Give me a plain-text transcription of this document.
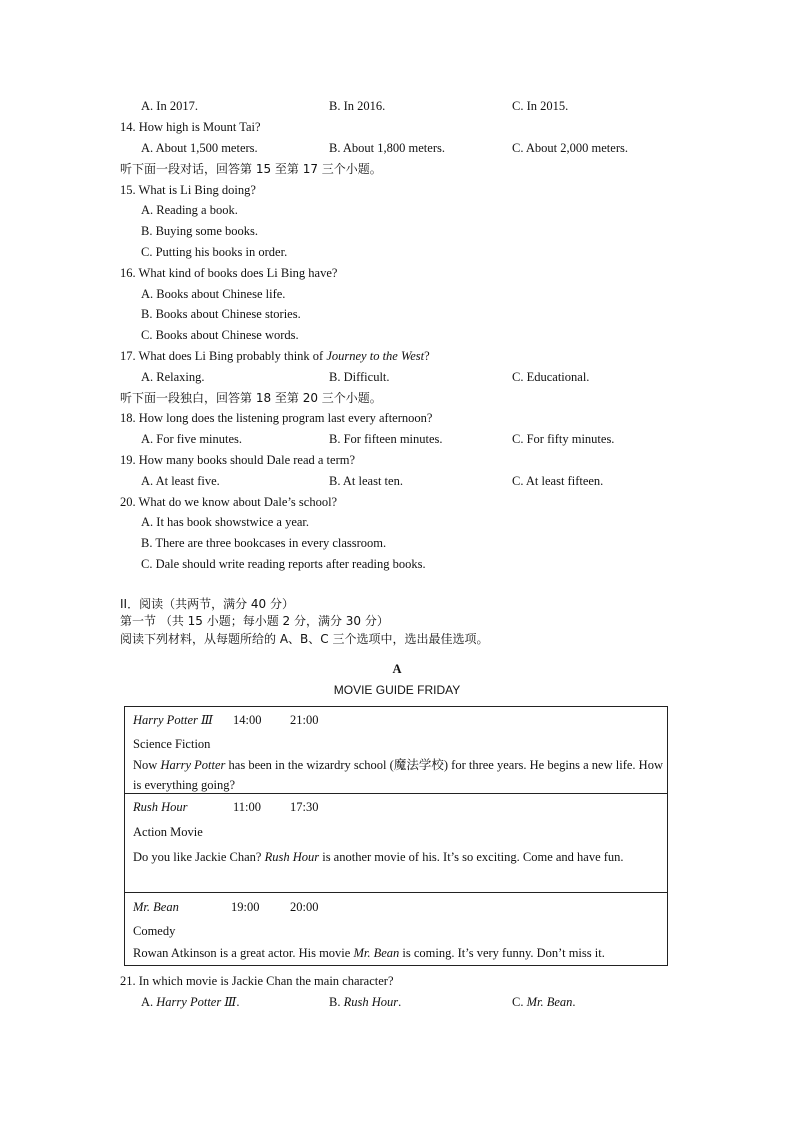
A. In 2017.	B. In 2016.	C. In 2015.
14. How high is Mount Tai?
A. About 1,500 meters.	B. About 1,800 meters.	C. About 2,000 meters.
听下面一段对话，回答第 15 至第 17 三个小题。
15. What is Li Bing doing?
A. Reading a book.
B. Buying some books.
C. Putting his books in order.
16. What kind of books does Li Bing have?
A. Books about Chinese life.
B. Books about Chinese stories.
C. Books about Chinese words.
17. What does Li Bing probably think of Journey to the West?
A. Relaxing.	B. Difficult.	C. Educational.
听下面一段独白，回答第 18 至第 20 三个小题。
18. How long does the listening program last every afternoon?
A. For five minutes.	B. For fifteen minutes.	C. For fifty minutes.
19. How many books should Dale read a term?
A. At least five.	B. At least ten.	C. At least fifteen.
20. What do we know about Dale’s school?
A. It has book showstwice a year.
B. There are three bookcases in every classroom.
C. Dale should write reading reports after reading books.
II．阅读（共两节，满分 40 分）
第一节 （共 15 小题；每小题 2 分，满分 30 分）
阅读下列材料，从每题所给的 A、B、C 三个选项中，选出最佳选项。
A
MOVIE GUIDE FRIDAY
Harry Potter Ⅲ 14:00 21:00
Science Fiction
Now Harry Potter has been in the wizardry school (魔法学校) for three years. He begins a new life. How is everything going?
Rush Hour	11:00 17:30
Action Movie
Do you like Jackie Chan? Rush Hour is another movie of his. It’s so exciting. Come and have fun.
Mr. Bean	19:00 20:00
Comedy
Rowan Atkinson is a great actor. His movie Mr. Bean is coming. It’s very funny. Don’t miss it.
21. In which movie is Jackie Chan the main character?
A. Harry Potter Ⅲ.	B. Rush Hour.	C. Mr. Bean.
